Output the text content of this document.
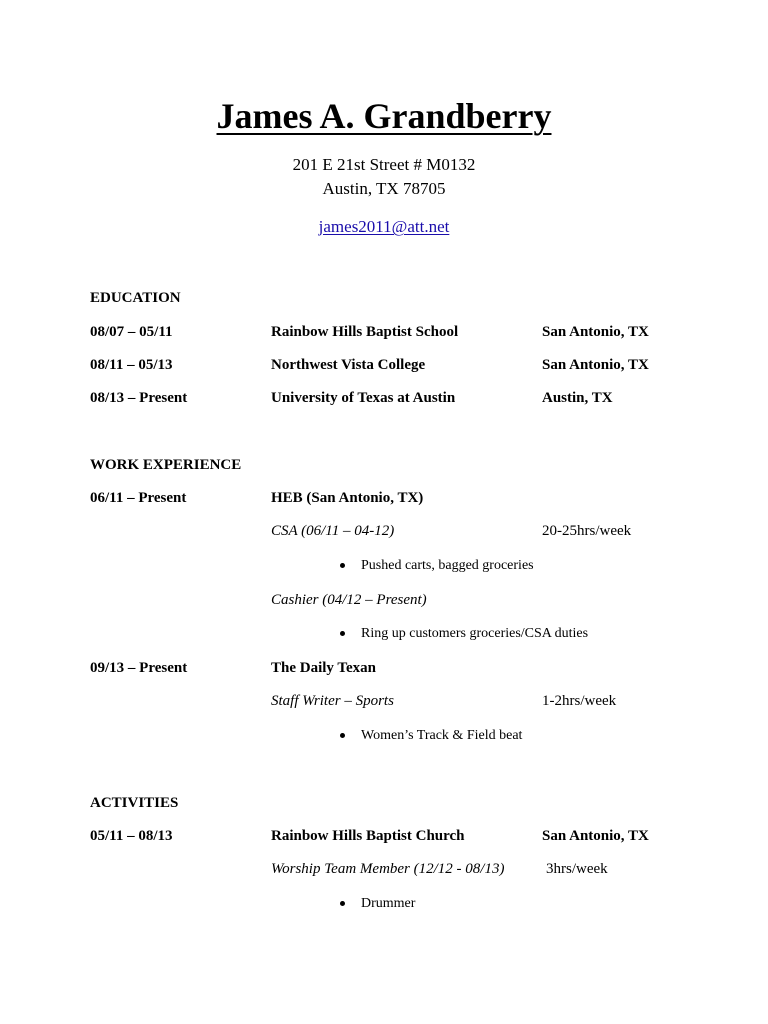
James A. Grandberry
201 E 21st Street # M0132
Austin, TX 78705
james2011@att.net
EDUCATION
08/07 – 05/11	Rainbow Hills Baptist School	San Antonio, TX
08/11 – 05/13	Northwest Vista College	San Antonio, TX
08/13 – Present	University of Texas at Austin	Austin, TX
WORK EXPERIENCE
06/11 – Present	HEB (San Antonio, TX)
CSA (06/11 – 04-12)	20-25hrs/week
Pushed carts, bagged groceries
Cashier (04/12 – Present)
Ring up customers groceries/CSA duties
09/13 – Present	The Daily Texan
Staff Writer – Sports	1-2hrs/week
Women’s Track & Field beat
ACTIVITIES
05/11 – 08/13	Rainbow Hills Baptist Church	San Antonio, TX
Worship Team Member (12/12 - 08/13)	3hrs/week
Drummer
